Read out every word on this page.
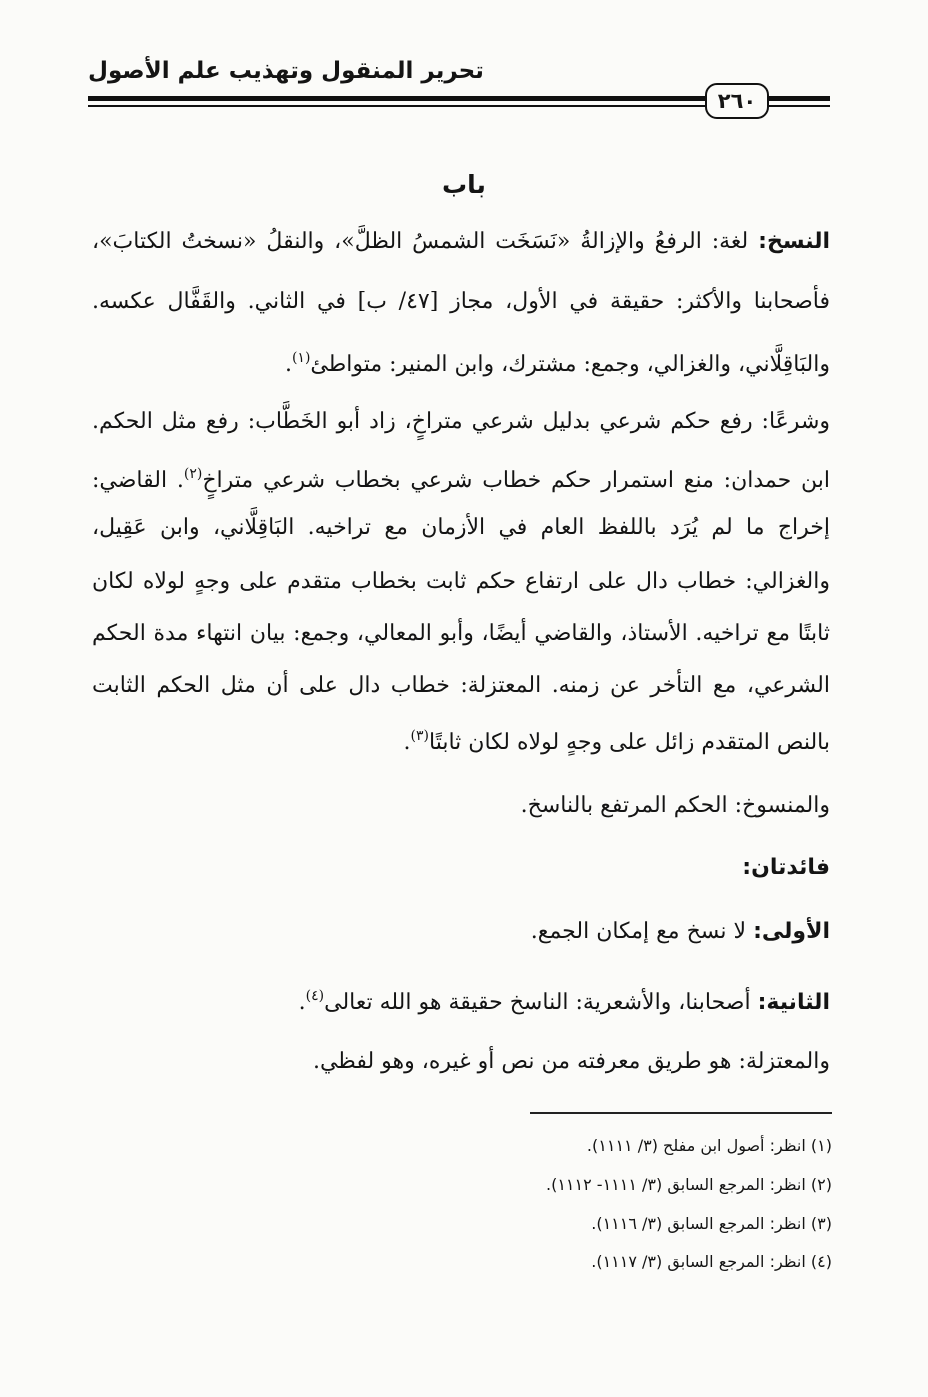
تحرير المنقول وتهذيب علم الأصول
٢٦٠
باب
النسخ: لغة: الرفعُ والإزالةُ «نَسَخَت الشمسُ الظلَّ»، والنقلُ «نسختُ الكتابَ»،
فأصحابنا والأكثر: حقيقة في الأول، مجاز [٤٧/ ب] في الثاني. والقَفَّال عكسه.
والبَاقِلَّاني، والغزالي، وجمع: مشترك، وابن المنير: متواطئ$^{(١)}$.
وشرعًا: رفع حكم شرعي بدليل شرعي متراخٍ، زاد أبو الخَطَّاب: رفع مثل الحكم.
ابن حمدان: منع استمرار حكم خطاب شرعي بخطاب شرعي متراخٍ$^{(٢)}$. القاضي:
إخراج ما لم يُرَد باللفظ العام في الأزمان مع تراخيه. البَاقِلَّاني، وابن عَقِيل،
والغزالي: خطاب دال على ارتفاع حكم ثابت بخطاب متقدم على وجهٍ لولاه لكان
ثابتًا مع تراخيه. الأستاذ، والقاضي أيضًا، وأبو المعالي، وجمع: بيان انتهاء مدة الحكم
الشرعي، مع التأخر عن زمنه. المعتزلة: خطاب دال على أن مثل الحكم الثابت
بالنص المتقدم زائل على وجهٍ لولاه لكان ثابتًا$^{(٣)}$.
والمنسوخ: الحكم المرتفع بالناسخ.
فائدتان:
الأولى: لا نسخ مع إمكان الجمع.
الثانية: أصحابنا، والأشعرية: الناسخ حقيقة هو الله تعالى$^{(٤)}$.
والمعتزلة: هو طريق معرفته من نص أو غيره، وهو لفظي.
(١) انظر: أصول ابن مفلح (٣/ ١١١١).
(٢) انظر: المرجع السابق (٣/ ١١١١- ١١١٢).
(٣) انظر: المرجع السابق (٣/ ١١١٦).
(٤) انظر: المرجع السابق (٣/ ١١١٧).
